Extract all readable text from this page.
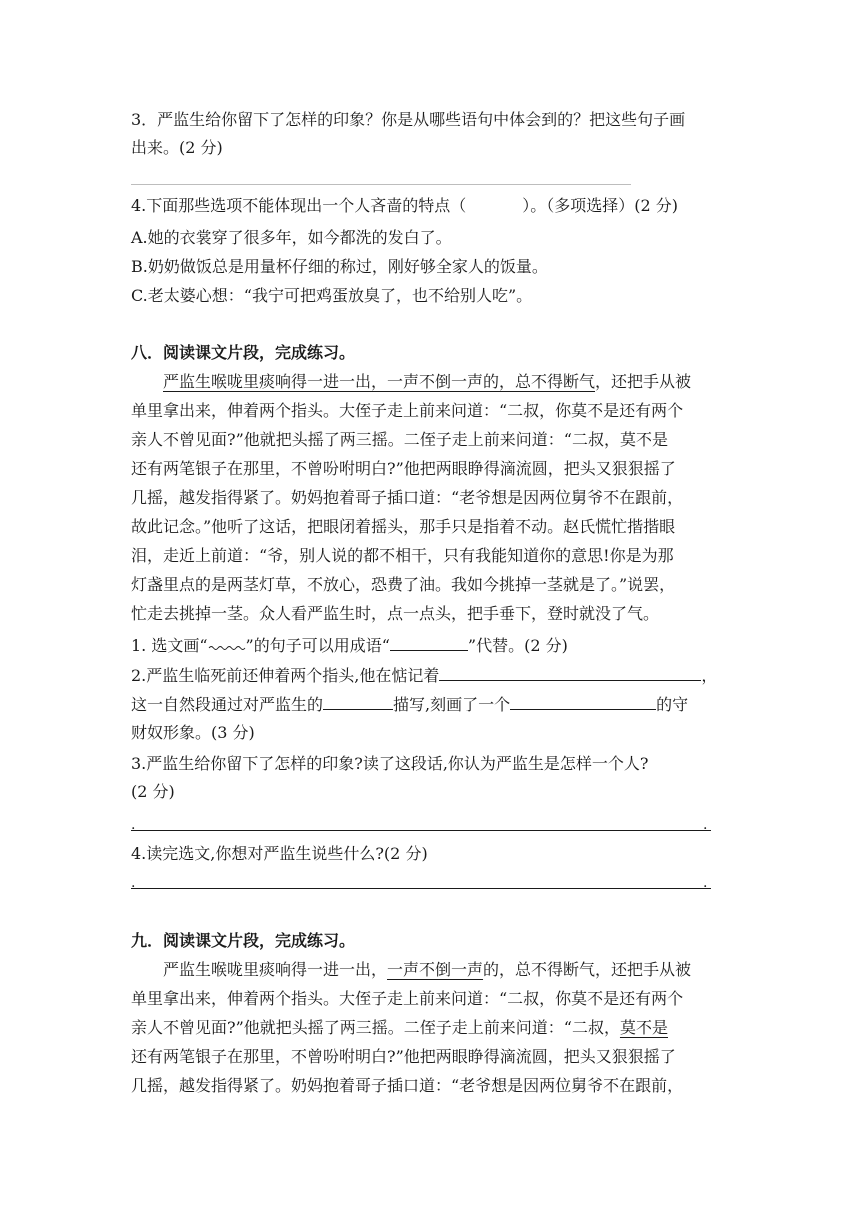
3．严监生给你留下了怎样的印象？你是从哪些语句中体会到的？把这些句子画
出来。(2 分)
4.下面那些选项不能体现出一个人吝啬的特点（	）。（多项选择）(2 分)
A.她的衣裳穿了很多年，如今都洗的发白了。
B.奶奶做饭总是用量杯仔细的称过，刚好够全家人的饭量。
C.老太婆心想：“我宁可把鸡蛋放臭了，也不给别人吃”。
八．阅读课文片段，完成练习。
严监生喉咙里痰响得一进一出，一声不倒一声的，总不得断气，还把手从被
单里拿出来，伸着两个指头。大侄子走上前来问道：“二叔，你莫不是还有两个
亲人不曾见面?”他就把头摇了两三摇。二侄子走上前来问道：“二叔，莫不是
还有两笔银子在那里，不曾吩咐明白?”他把两眼睁得滴流圆，把头又狠狠摇了
几摇，越发指得紧了。奶妈抱着哥子插口道：“老爷想是因两位舅爷不在跟前，
故此记念。”他听了这话，把眼闭着摇头，那手只是指着不动。赵氏慌忙揩揩眼
泪，走近上前道：“爷，别人说的都不相干，只有我能知道你的意思!你是为那
灯盏里点的是两茎灯草，不放心，恐费了油。我如今挑掉一茎就是了。”说罢，
忙走去挑掉一茎。众人看严监生时，点一点头，把手垂下，登时就没了气。
1. 选文画“ ”的句子可以用成语“	”代替。(2 分)
2.严监生临死前还伸着两个指头,他在惦记着	，
这一自然段通过对严监生的	描写,刻画了一个	的守
财奴形象。(3 分)
3.严监生给你留下了怎样的印象?读了这段话,你认为严监生是怎样一个人?
(2 分)
.	.
4.读完选文,你想对严监生说些什么?(2 分)
.	.
九．阅读课文片段，完成练习。
严监生喉咙里痰响得一进一出，一声不倒一声的，总不得断气，还把手从被
单里拿出来，伸着两个指头。大侄子走上前来问道：“二叔，你莫不是还有两个
亲人不曾见面?”他就把头摇了两三摇。二侄子走上前来问道：“二叔，莫不是
还有两笔银子在那里，不曾吩咐明白?”他把两眼睁得滴流圆，把头又狠狠摇了
几摇，越发指得紧了。奶妈抱着哥子插口道：“老爷想是因两位舅爷不在跟前，
